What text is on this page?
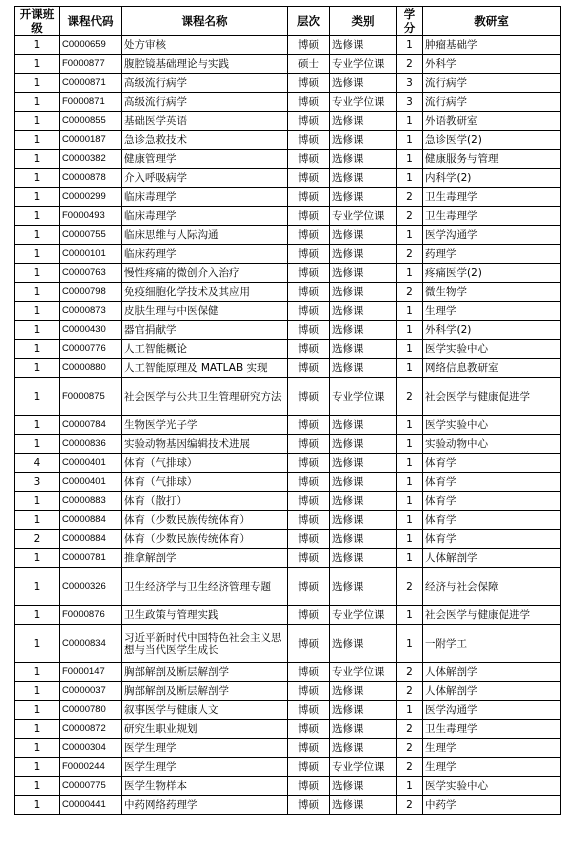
开课班级	课程代码	课程名称	层次	类别	学分	教研室
1	C0000659	处方审核	博硕	选修课	1	肿瘤基础学
1	F0000877	腹腔镜基础理论与实践	硕士	专业学位课	2	外科学
1	C0000871	高级流行病学	博硕	选修课	3	流行病学
1	F0000871	高级流行病学	博硕	专业学位课	3	流行病学
1	C0000855	基础医学英语	博硕	选修课	1	外语教研室
1	C0000187	急诊急救技术	博硕	选修课	1	急诊医学(2)
1	C0000382	健康管理学	博硕	选修课	1	健康服务与管理
1	C0000878	介入呼吸病学	博硕	选修课	1	内科学(2)
1	C0000299	临床毒理学	博硕	选修课	2	卫生毒理学
1	F0000493	临床毒理学	博硕	专业学位课	2	卫生毒理学
1	C0000755	临床思维与人际沟通	博硕	选修课	1	医学沟通学
1	C0000101	临床药理学	博硕	选修课	2	药理学
1	C0000763	慢性疼痛的微创介入治疗	博硕	选修课	1	疼痛医学(2)
1	C0000798	免疫细胞化学技术及其应用	博硕	选修课	2	微生物学
1	C0000873	皮肤生理与中医保健	博硕	选修课	1	生理学
1	C0000430	器官捐献学	博硕	选修课	1	外科学(2)
1	C0000776	人工智能概论	博硕	选修课	1	医学实验中心
1	C0000880	人工智能原理及 MATLAB 实现	博硕	选修课	1	网络信息教研室
1	F0000875	社会医学与公共卫生管理研究方法	博硕	专业学位课	2	社会医学与健康促进学
1	C0000784	生物医学光子学	博硕	选修课	1	医学实验中心
1	C0000836	实验动物基因编辑技术进展	博硕	选修课	1	实验动物中心
4	C0000401	体育（气排球）	博硕	选修课	1	体育学
3	C0000401	体育（气排球）	博硕	选修课	1	体育学
1	C0000883	体育（散打）	博硕	选修课	1	体育学
1	C0000884	体育（少数民族传统体育）	博硕	选修课	1	体育学
2	C0000884	体育（少数民族传统体育）	博硕	选修课	1	体育学
1	C0000781	推拿解剖学	博硕	选修课	1	人体解剖学
1	C0000326	卫生经济学与卫生经济管理专题	博硕	选修课	2	经济与社会保障
1	F0000876	卫生政策与管理实践	博硕	专业学位课	1	社会医学与健康促进学
1	C0000834	习近平新时代中国特色社会主义思想与当代医学生成长	博硕	选修课	1	一附学工
1	F0000147	胸部解剖及断层解剖学	博硕	专业学位课	2	人体解剖学
1	C0000037	胸部解剖及断层解剖学	博硕	选修课	2	人体解剖学
1	C0000780	叙事医学与健康人文	博硕	选修课	1	医学沟通学
1	C0000872	研究生职业规划	博硕	选修课	2	卫生毒理学
1	C0000304	医学生理学	博硕	选修课	2	生理学
1	F0000244	医学生理学	博硕	专业学位课	2	生理学
1	C0000775	医学生物样本	博硕	选修课	1	医学实验中心
1	C0000441	中药网络药理学	博硕	选修课	2	中药学
